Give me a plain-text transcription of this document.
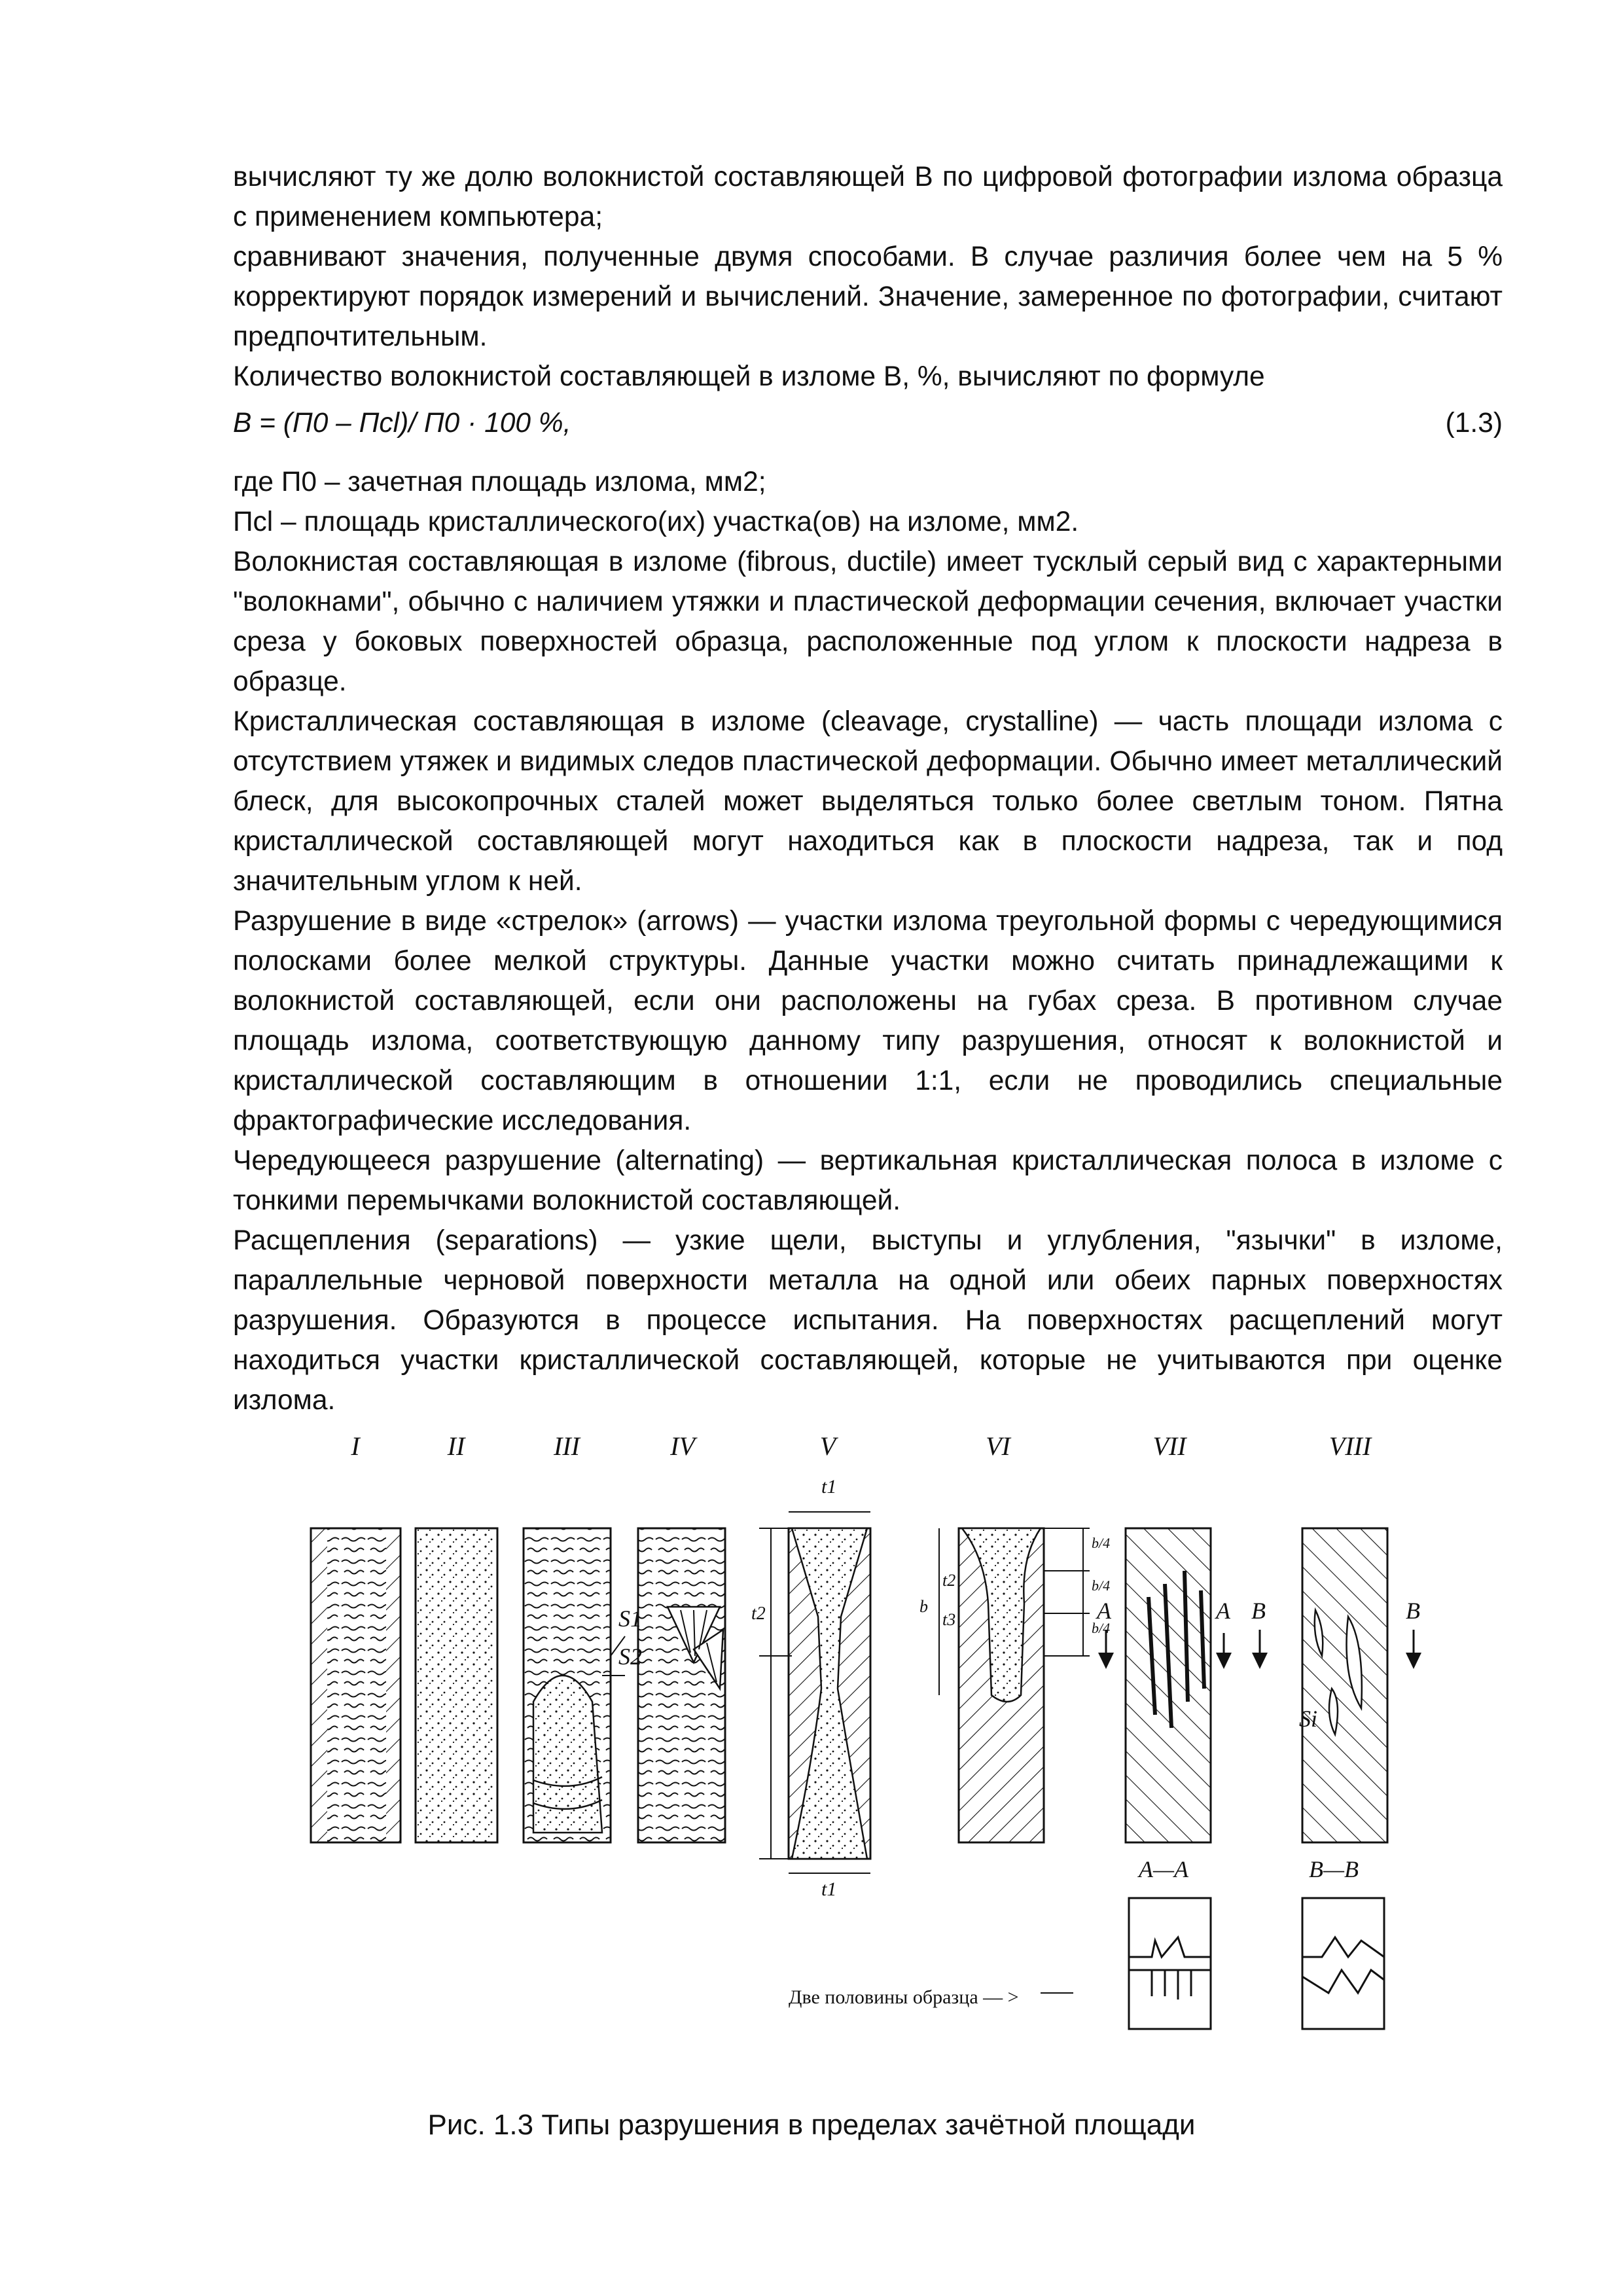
вычисляют ту же долю волокнистой составляющей B по цифровой фотографии излома образца с применением компьютера;

сравнивают значения, полученные двумя способами. В случае различия более чем на 5 % корректируют порядок измерений и вычислений. Значение, замеренное по фотографии, считают предпочтительным.

Количество волокнистой составляющей в изломе B, %, вычисляют по формуле

B = (П0 – Пcl)/ П0 · 100 %,	(1.3)

где П0 – зачетная площадь излома, мм2;

Пcl – площадь кристаллического(их) участка(ов) на изломе, мм2.

Волокнистая составляющая в изломе (fibrous, ductile) имеет тусклый серый вид с характерными "волокнами", обычно с наличием утяжки и пластической деформации сечения, включает участки среза у боковых поверхностей образца, расположенные под углом к плоскости надреза в образце.

Кристаллическая составляющая в изломе (cleavage, crystalline) — часть площади излома с отсутствием утяжек и видимых следов пластической деформации. Обычно имеет металлический блеск, для высокопрочных сталей может выделяться только более светлым тоном. Пятна кристаллической составляющей могут находиться как в плоскости надреза, так и под значительным углом к ней.

Разрушение в виде «стрелок» (arrows) — участки излома треугольной формы с чередующимися полосками более мелкой структуры. Данные участки можно считать принадлежащими к волокнистой составляющей, если они расположены на губах среза. В противном случае площадь излома, соответствующую данному типу разрушения, относят к волокнистой и кристаллической составляющим в отношении 1:1, если не проводились специальные фрактографические исследования.

Чередующееся разрушение (alternating) — вертикальная кристаллическая полоса в изломе с тонкими перемычками волокнистой составляющей.

Расщепления (separations) — узкие щели, выступы и углубления, "язычки" в изломе, параллельные черновой поверхности металла на одной или обеих парных поверхностях разрушения. Образуются в процессе испытания. На поверхностях расщеплений могут находиться участки кристаллической составляющей, которые не учитываются при оценке излома.

I	II	III	IV	V	VI	VII	VIII
S1
S2
t1
t1
t2
t2
t3
b
b/4
b/4
b/4
A	A B	B
Si
A—A	B—B
Две половины образца — >
Рис. 1.3 Типы разрушения в пределах зачётной площади
